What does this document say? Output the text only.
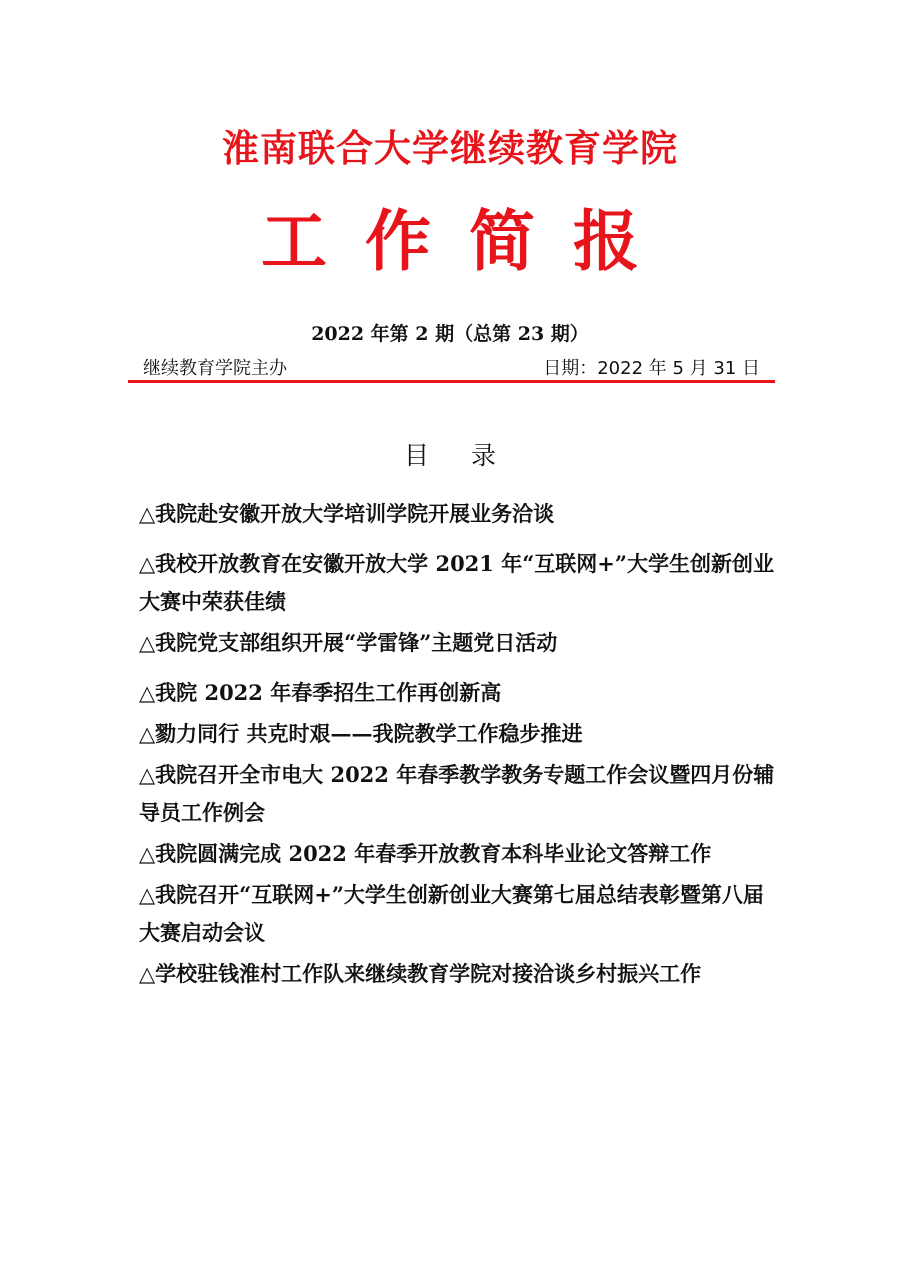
淮南联合大学继续教育学院
工作简报
2022 年第 2 期（总第 23 期）
继续教育学院主办	日期：2022 年 5 月 31 日
目录
△我院赴安徽开放大学培训学院开展业务洽谈
△我校开放教育在安徽开放大学 2021 年“互联网+”大学生创新创业大赛中荣获佳绩
△我院党支部组织开展“学雷锋”主题党日活动
△我院 2022 年春季招生工作再创新高
△勠力同行 共克时艰——我院教学工作稳步推进
△我院召开全市电大 2022 年春季教学教务专题工作会议暨四月份辅导员工作例会
△我院圆满完成 2022 年春季开放教育本科毕业论文答辩工作
△我院召开“互联网+”大学生创新创业大赛第七届总结表彰暨第八届大赛启动会议
△学校驻钱淮村工作队来继续教育学院对接洽谈乡村振兴工作
